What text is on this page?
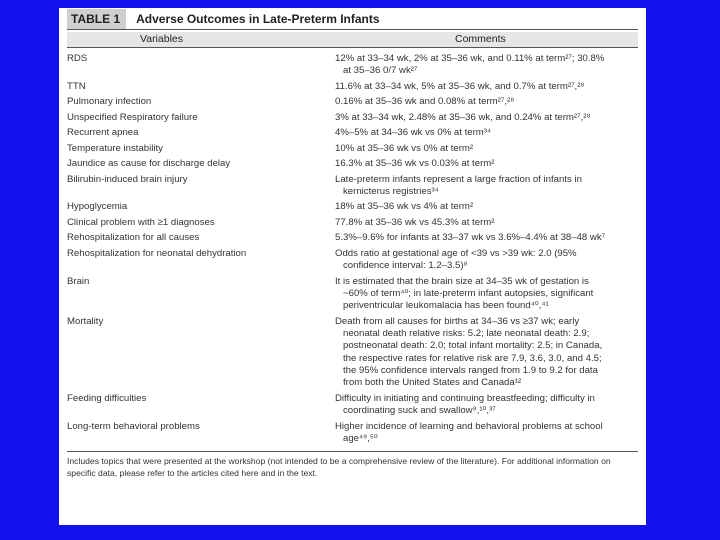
TABLE 1	Adverse Outcomes in Late-Preterm Infants
Variables	Comments
RDS	12% at 33–34 wk, 2% at 35–36 wk, and 0.11% at term²⁷; 30.8%
at 35–36 0/7 wk²⁷
TTN	11.6% at 33–34 wk, 5% at 35–36 wk, and 0.7% at term²⁷,²⁸
Pulmonary infection	0.16% at 35–36 wk and 0.08% at term²⁷,²⁸
Unspecified Respiratory failure	3% at 33–34 wk, 2.48% at 35–36 wk, and 0.24% at term²⁷,²⁸
Recurrent apnea	4%–5% at 34–36 wk vs 0% at term³⁴
Temperature instability	10% at 35–36 wk vs 0% at term²
Jaundice as cause for discharge delay	16.3% at 35–36 wk vs 0.03% at term²
Bilirubin-induced brain injury	Late-preterm infants represent a large fraction of infants in
kernicterus registries³⁴
Hypoglycemia	18% at 35–36 wk vs 4% at term²
Clinical problem with ≥1 diagnoses	77.8% at 35–36 wk vs 45.3% at term²
Rehospitalization for all causes	5.3%–9.6% for infants at 33–37 wk vs 3.6%–4.4% at 38–48 wk⁷
Rehospitalization for neonatal dehydration	Odds ratio at gestational age of <39 vs >39 wk: 2.0 (95%
confidence interval: 1.2–3.5)⁸
Brain	It is estimated that the brain size at 34–35 wk of gestation is
~60% of term⁴⁰; in late-preterm infant autopsies, significant
periventricular leukomalacia has been found⁴⁰,⁴¹
Mortality	Death from all causes for births at 34–36 vs ≥37 wk; early
neonatal death relative risks: 5.2; late neonatal death: 2.9;
postneonatal death: 2.0; total infant mortality: 2.5; in Canada,
the respective rates for relative risk are 7.9, 3.6, 3.0, and 4.5;
the 95% confidence intervals ranged from 1.9 to 9.2 for data
from both the United States and Canada¹²
Feeding difficulties	Difficulty in initiating and continuing breastfeeding; difficulty in
coordinating suck and swallow⁹,¹⁰,³⁷
Long-term behavioral problems	Higher incidence of learning and behavioral problems at school
age⁴⁹,⁵⁰
Includes topics that were presented at the workshop (not intended to be a comprehensive review of the literature). For additional information on specific data, please refer to the articles cited here and in the text.
